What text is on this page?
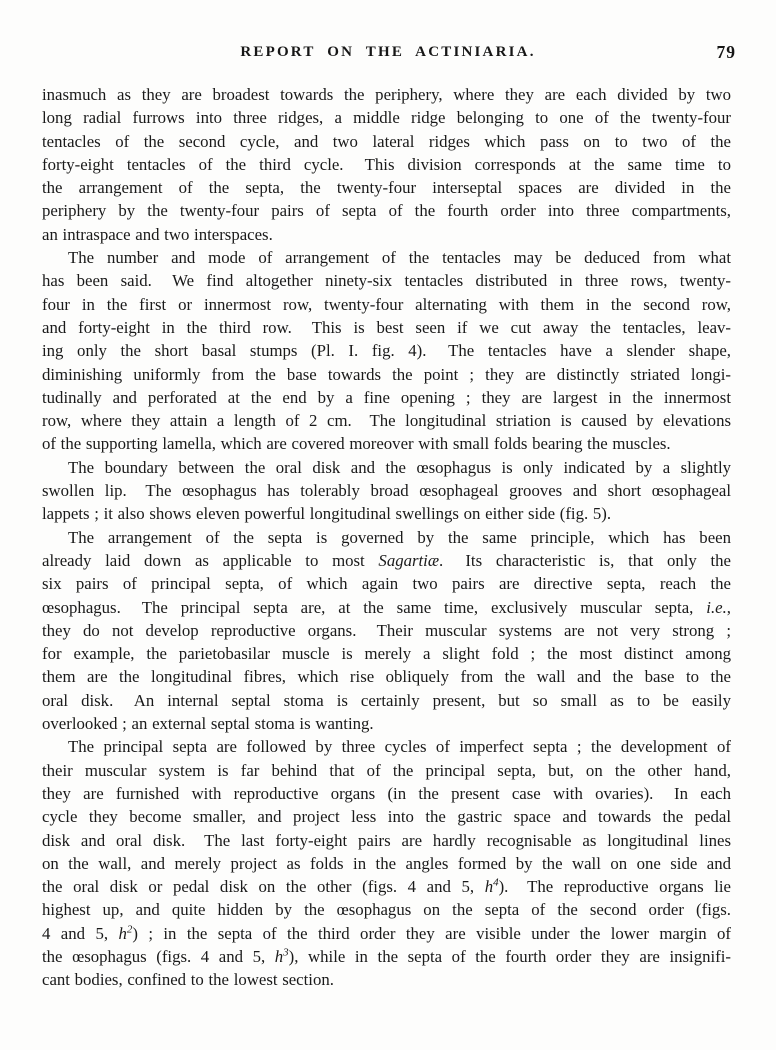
REPORT ON THE ACTINIARIA.	79
inasmuch as they are broadest towards the periphery, where they are each divided by two
long radial furrows into three ridges, a middle ridge belonging to one of the twenty-four
tentacles of the second cycle, and two lateral ridges which pass on to two of the
forty-eight tentacles of the third cycle.  This division corresponds at the same time to
the arrangement of the septa, the twenty-four interseptal spaces are divided in the
periphery by the twenty-four pairs of septa of the fourth order into three compartments,
an intraspace and two interspaces.
The number and mode of arrangement of the tentacles may be deduced from what
has been said.  We find altogether ninety-six tentacles distributed in three rows, twenty-
four in the first or innermost row, twenty-four alternating with them in the second row,
and forty-eight in the third row.  This is best seen if we cut away the tentacles, leav-
ing only the short basal stumps (Pl. I. fig. 4).  The tentacles have a slender shape,
diminishing uniformly from the base towards the point ; they are distinctly striated longi-
tudinally and perforated at the end by a fine opening ; they are largest in the innermost
row, where they attain a length of 2 cm.  The longitudinal striation is caused by elevations
of the supporting lamella, which are covered moreover with small folds bearing the muscles.
The boundary between the oral disk and the œsophagus is only indicated by a slightly
swollen lip.  The œsophagus has tolerably broad œsophageal grooves and short œsophageal
lappets ; it also shows eleven powerful longitudinal swellings on either side (fig. 5).
The arrangement of the septa is governed by the same principle, which has been
already laid down as applicable to most Sagartiæ.  Its characteristic is, that only the
six pairs of principal septa, of which again two pairs are directive septa, reach the
œsophagus.  The principal septa are, at the same time, exclusively muscular septa, i.e.,
they do not develop reproductive organs.  Their muscular systems are not very strong ;
for example, the parietobasilar muscle is merely a slight fold ; the most distinct among
them are the longitudinal fibres, which rise obliquely from the wall and the base to the
oral disk.  An internal septal stoma is certainly present, but so small as to be easily
overlooked ; an external septal stoma is wanting.
The principal septa are followed by three cycles of imperfect septa ; the development of
their muscular system is far behind that of the principal septa, but, on the other hand,
they are furnished with reproductive organs (in the present case with ovaries).  In each
cycle they become smaller, and project less into the gastric space and towards the pedal
disk and oral disk.  The last forty-eight pairs are hardly recognisable as longitudinal lines
on the wall, and merely project as folds in the angles formed by the wall on one side and
the oral disk or pedal disk on the other (figs. 4 and 5, $h^4$).  The reproductive organs lie
highest up, and quite hidden by the œsophagus on the septa of the second order (figs.
4 and 5, $h^2$) ; in the septa of the third order they are visible under the lower margin of
the œsophagus (figs. 4 and 5, $h^3$), while in the septa of the fourth order they are insignifi-
cant bodies, confined to the lowest section.
